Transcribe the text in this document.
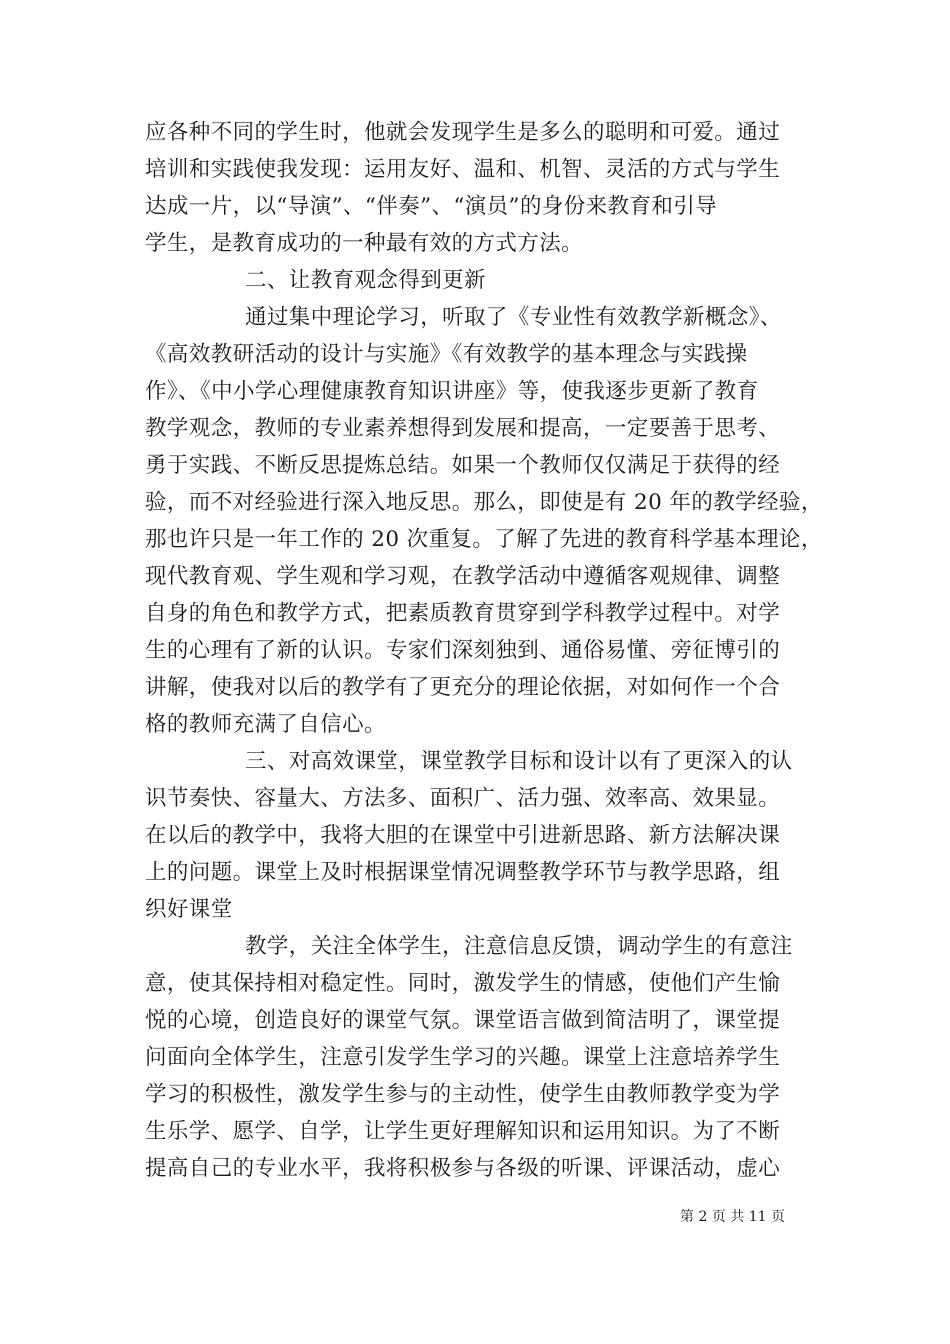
应各种不同的学生时，他就会发现学生是多么的聪明和可爱。通过
培训和实践使我发现：运用友好、温和、机智、灵活的方式与学生
达成一片，以“导演”、“伴奏”、“演员”的身份来教育和引导
学生，是教育成功的一种最有效的方式方法。
二、让教育观念得到更新
通过集中理论学习，听取了《专业性有效教学新概念》、
《高效教研活动的设计与实施》《有效教学的基本理念与实践操
作》、《中小学心理健康教育知识讲座》等，使我逐步更新了教育
教学观念，教师的专业素养想得到发展和提高，一定要善于思考、
勇于实践、不断反思提炼总结。如果一个教师仅仅满足于获得的经
验，而不对经验进行深入地反思。那么，即使是有 20 年的教学经验，
那也许只是一年工作的 20 次重复。了解了先进的教育科学基本理论，
现代教育观、学生观和学习观，在教学活动中遵循客观规律、调整
自身的角色和教学方式，把素质教育贯穿到学科教学过程中。对学
生的心理有了新的认识。专家们深刻独到、通俗易懂、旁征博引的
讲解，使我对以后的教学有了更充分的理论依据，对如何作一个合
格的教师充满了自信心。
三、对高效课堂，课堂教学目标和设计以有了更深入的认
识节奏快、容量大、方法多、面积广、活力强、效率高、效果显。
在以后的教学中，我将大胆的在课堂中引进新思路、新方法解决课
上的问题。课堂上及时根据课堂情况调整教学环节与教学思路，组
织好课堂
教学，关注全体学生，注意信息反馈，调动学生的有意注
意，使其保持相对稳定性。同时，激发学生的情感，使他们产生愉
悦的心境，创造良好的课堂气氛。课堂语言做到简洁明了，课堂提
问面向全体学生，注意引发学生学习的兴趣。课堂上注意培养学生
学习的积极性，激发学生参与的主动性，使学生由教师教学变为学
生乐学、愿学、自学，让学生更好理解知识和运用知识。为了不断
提高自己的专业水平，我将积极参与各级的听课、评课活动，虚心
第 2 页 共 11 页
